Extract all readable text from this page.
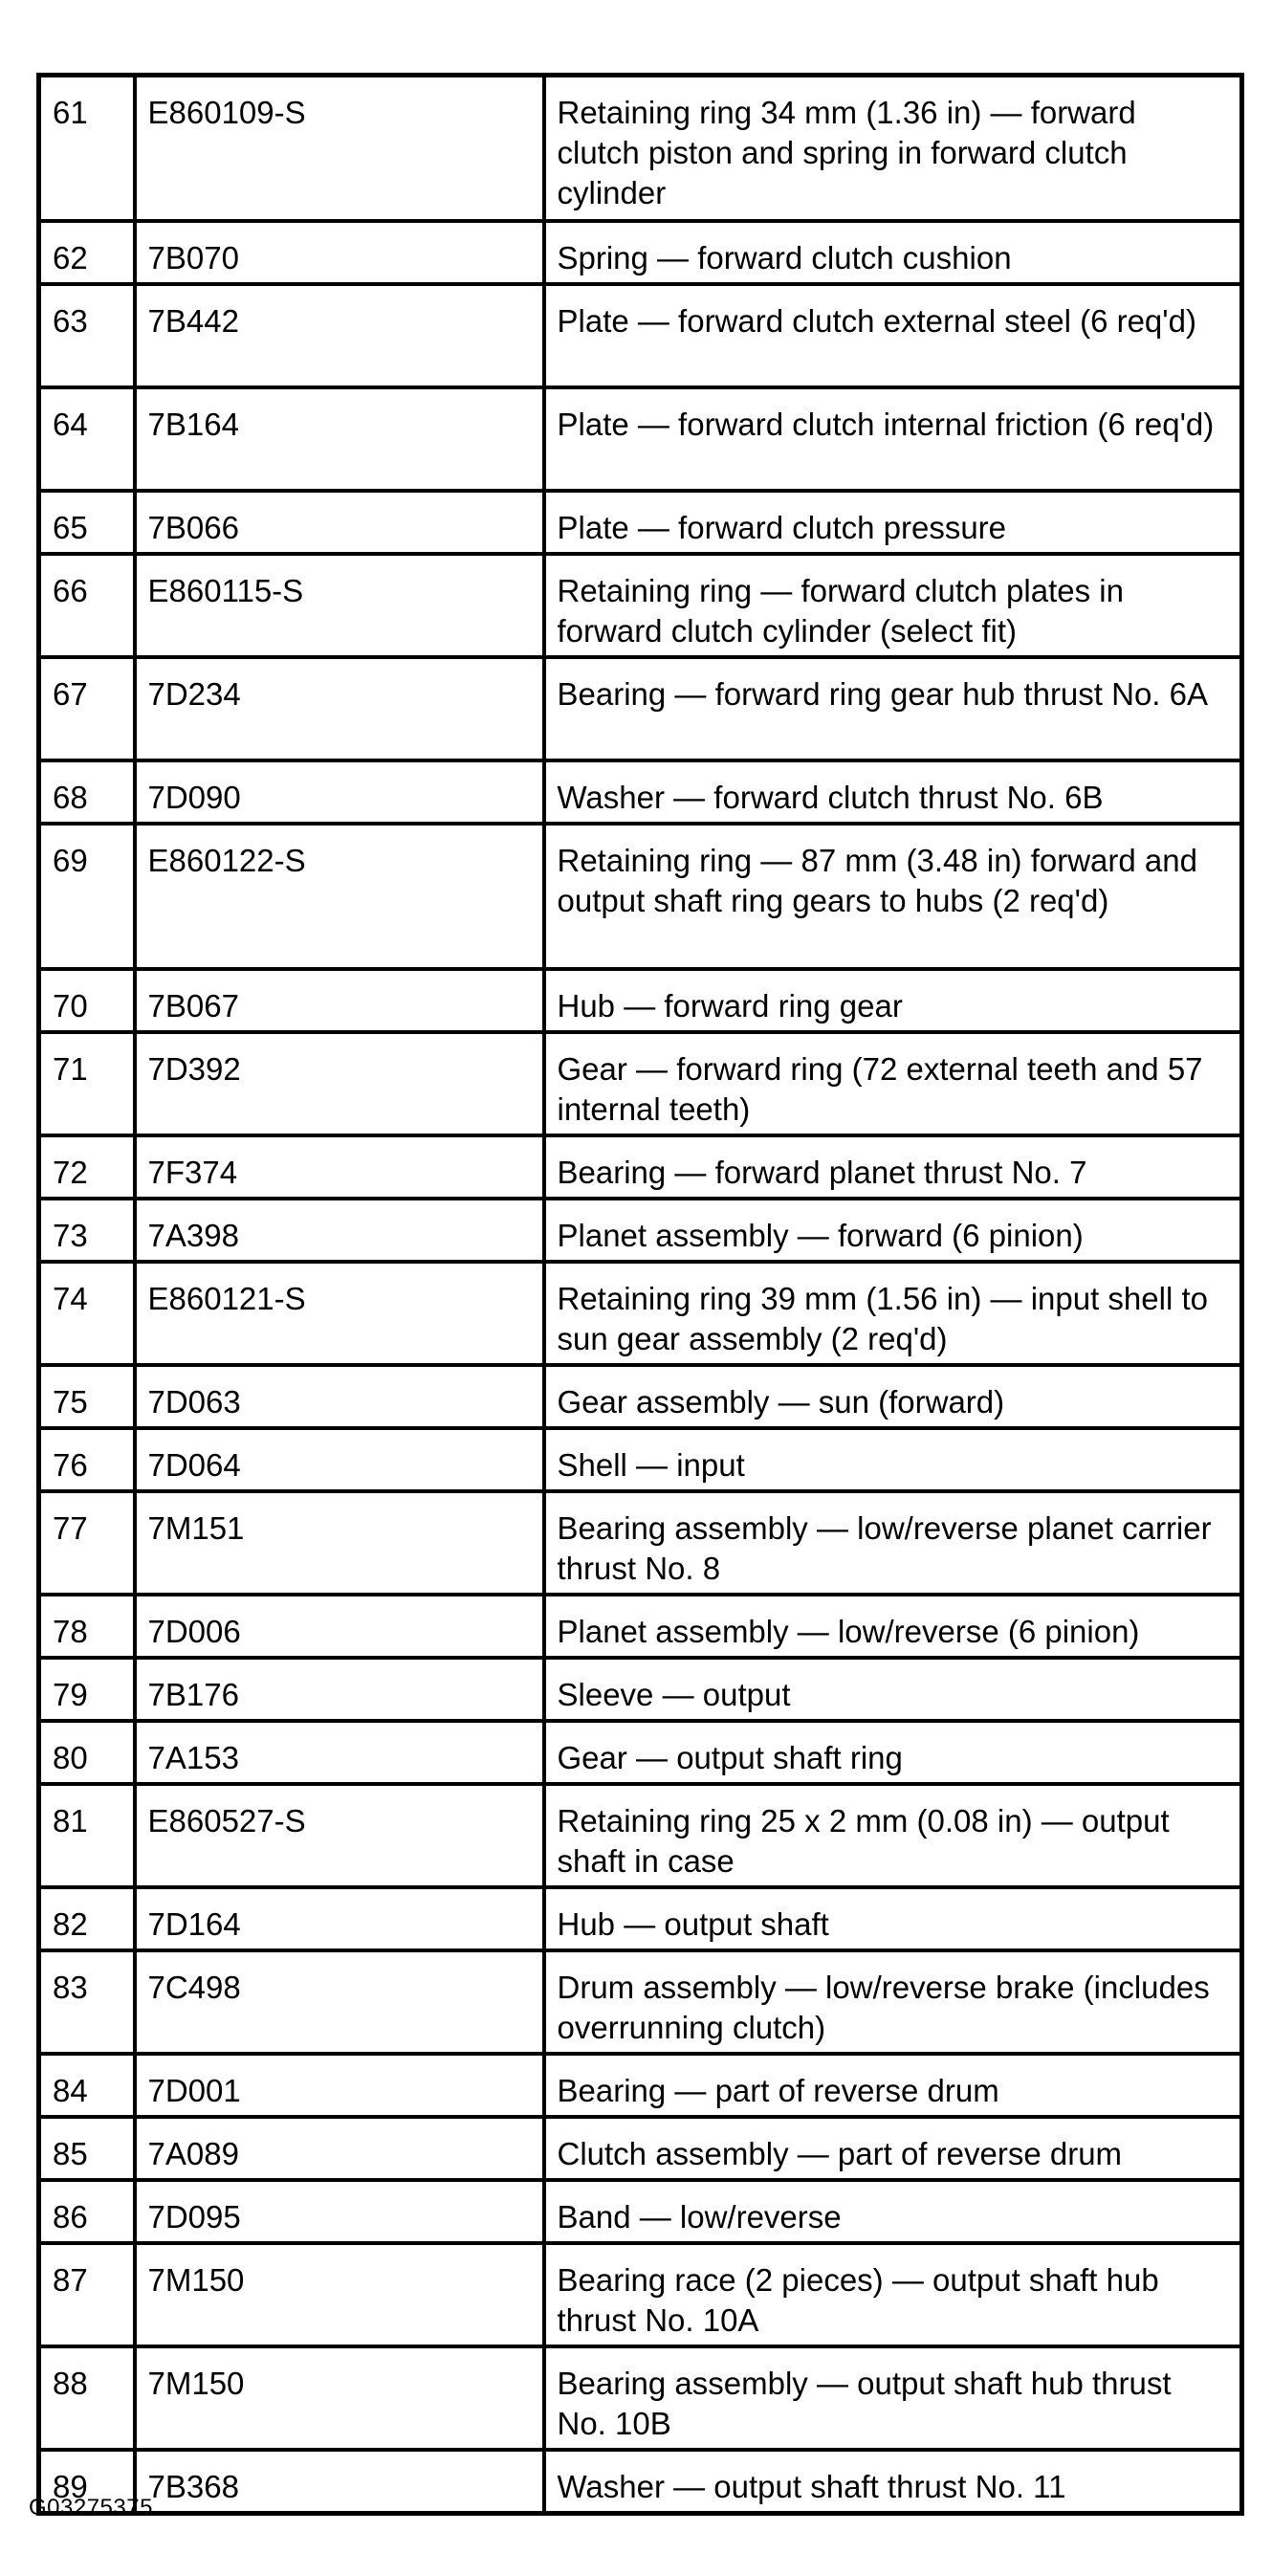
61	E860109-S	Retaining ring 34 mm (1.36 in) — forward clutch piston and spring in forward clutch cylinder
62	7B070	Spring — forward clutch cushion
63	7B442	Plate — forward clutch external steel (6 req'd)
64	7B164	Plate — forward clutch internal friction (6 req'd)
65	7B066	Plate — forward clutch pressure
66	E860115-S	Retaining ring — forward clutch plates in forward clutch cylinder (select fit)
67	7D234	Bearing — forward ring gear hub thrust No. 6A
68	7D090	Washer — forward clutch thrust No. 6B
69	E860122-S	Retaining ring — 87 mm (3.48 in) forward and output shaft ring gears to hubs (2 req'd)
70	7B067	Hub — forward ring gear
71	7D392	Gear — forward ring (72 external teeth and 57 internal teeth)
72	7F374	Bearing — forward planet thrust No. 7
73	7A398	Planet assembly — forward (6 pinion)
74	E860121-S	Retaining ring 39 mm (1.56 in) — input shell to sun gear assembly (2 req'd)
75	7D063	Gear assembly — sun (forward)
76	7D064	Shell — input
77	7M151	Bearing assembly — low/reverse planet carrier thrust No. 8
78	7D006	Planet assembly — low/reverse (6 pinion)
79	7B176	Sleeve — output
80	7A153	Gear — output shaft ring
81	E860527-S	Retaining ring 25 x 2 mm (0.08 in) — output shaft in case
82	7D164	Hub — output shaft
83	7C498	Drum assembly — low/reverse brake (includes overrunning clutch)
84	7D001	Bearing — part of reverse drum
85	7A089	Clutch assembly — part of reverse drum
86	7D095	Band — low/reverse
87	7M150	Bearing race (2 pieces) — output shaft hub thrust No. 10A
88	7M150	Bearing assembly — output shaft hub thrust No. 10B
89	7B368	Washer — output shaft thrust No. 11
G03275375
